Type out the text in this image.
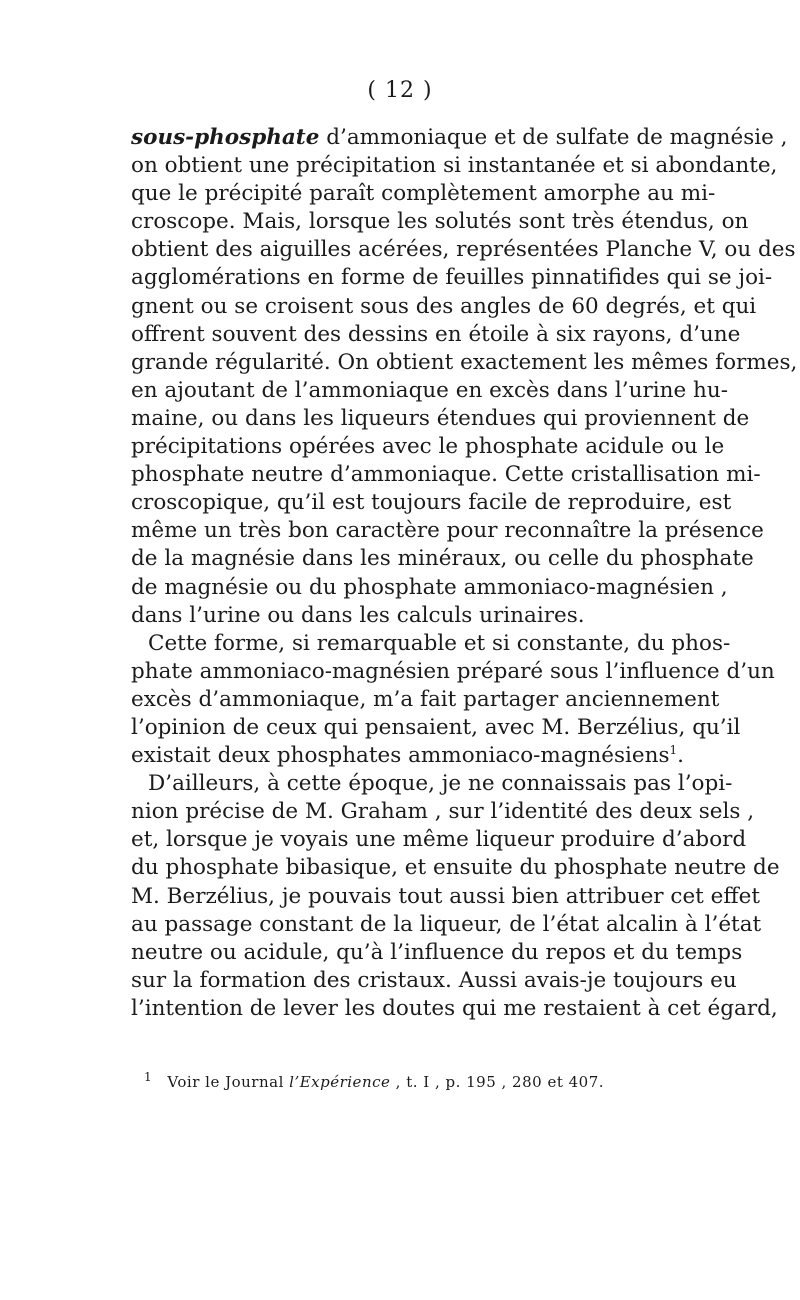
( 12 )
sous-phosphate d’ammoniaque et de sulfate de magnésie ,
on obtient une précipitation si instantanée et si abondante,
que le précipité paraît complètement amorphe au mi-
croscope. Mais, lorsque les solutés sont très étendus, on
obtient des aiguilles acérées, représentées Planche V, ou des
agglomérations en forme de feuilles pinnatifides qui se joi-
gnent ou se croisent sous des angles de 60 degrés, et qui
offrent souvent des dessins en étoile à six rayons, d’une
grande régularité. On obtient exactement les mêmes formes,
en ajoutant de l’ammoniaque en excès dans l’urine hu-
maine, ou dans les liqueurs étendues qui proviennent de
précipitations opérées avec le phosphate acidule ou le
phosphate neutre d’ammoniaque. Cette cristallisation mi-
croscopique, qu’il est toujours facile de reproduire, est
même un très bon caractère pour reconnaître la présence
de la magnésie dans les minéraux, ou celle du phosphate
de magnésie ou du phosphate ammoniaco-magnésien ,
dans l’urine ou dans les calculs urinaires.
Cette forme, si remarquable et si constante, du phos-
phate ammoniaco-magnésien préparé sous l’influence d’un
excès d’ammoniaque, m’a fait partager anciennement
l’opinion de ceux qui pensaient, avec M. Berzélius, qu’il
existait deux phosphates ammoniaco-magnésiens$^1$.
D’ailleurs, à cette époque, je ne connaissais pas l’opi-
nion précise de M. Graham , sur l’identité des deux sels ,
et, lorsque je voyais une même liqueur produire d’abord
du phosphate bibasique, et ensuite du phosphate neutre de
M. Berzélius, je pouvais tout aussi bien attribuer cet effet
au passage constant de la liqueur, de l’état alcalin à l’état
neutre ou acidule, qu’à l’influence du repos et du temps
sur la formation des cristaux. Aussi avais-je toujours eu
l’intention de lever les doutes qui me restaient à cet égard,
$^1$ Voir le Journal l’Expérience , t. I , p. 195 , 280 et 407.
